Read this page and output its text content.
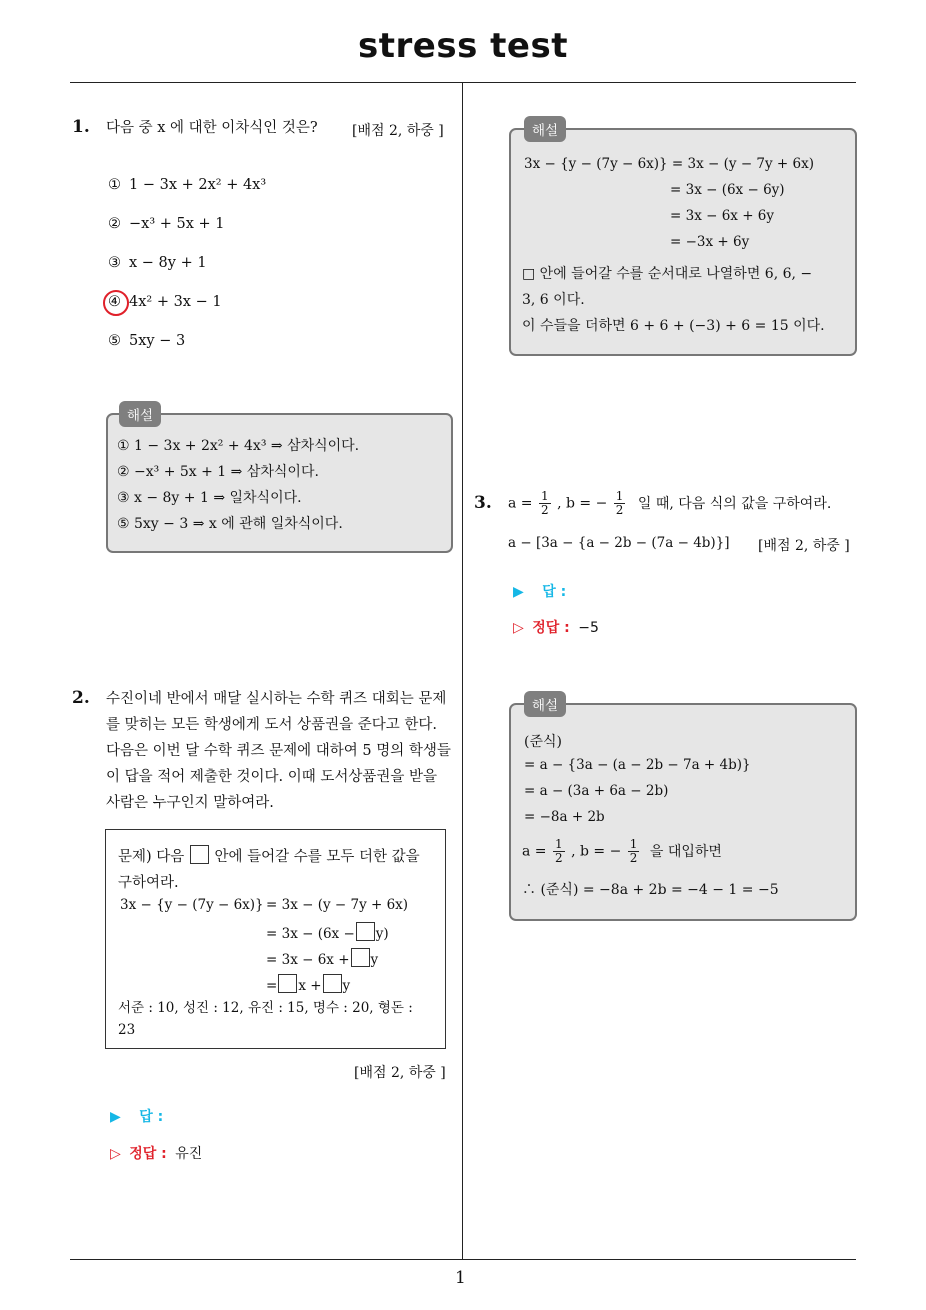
stress test
1
1. 다음 중 x 에 대한 이차식인 것은? [배점 2, 하중 ]
① 1 − 3x + 2x² + 4x³
② −x³ + 5x + 1
③ x − 8y + 1
④ 4x² + 3x − 1
⑤ 5xy − 3
해설
① 1 − 3x + 2x² + 4x³ ⇒ 삼차식이다.
② −x³ + 5x + 1 ⇒ 삼차식이다.
③ x − 8y + 1 ⇒ 일차식이다.
⑤ 5xy − 3 ⇒ x 에 관해 일차식이다.
2. 수진이네 반에서 매달 실시하는 수학 퀴즈 대회는 문제
를 맞히는 모든 학생에게 도서 상품권을 준다고 한다.
다음은 이번 달 수학 퀴즈 문제에 대하여 5 명의 학생들
이 답을 적어 제출한 것이다. 이때 도서상품권을 받을
사람은 누구인지 말하여라.
문제) 다음 안에 들어갈 수를 모두 더한 값을
구하여라.
3x − {y − (7y − 6x)} = 3x − (y − 7y + 6x)
= 3x − (6x − y)
= 3x − 6x + y
= x + y
서준 : 10, 성진 : 12, 유진 : 15, 명수 : 20, 형돈 :
23
[배점 2, 하중 ]
▶ 답 :
▷ 정답 : 유진
해설
3x − {y − (7y − 6x)} = 3x − (y − 7y + 6x)
= 3x − (6x − 6y)
= 3x − 6x + 6y
= −3x + 6y
□ 안에 들어갈 수를 순서대로 나열하면 6, 6, −
3, 6 이다.
이 수들을 더하면 6 + 6 + (−3) + 6 = 15 이다.
3. $a = \frac{1}{2}$ , b = − $\frac{1}{2}$ 일 때, 다음 식의 값을 구하여라.
a − [3a − {a − 2b − (7a − 4b)}] [배점 2, 하중 ]
▶ 답 :
▷ 정답 : −5
해설
(준식)
= a − {3a − (a − 2b − 7a + 4b)}
= a − (3a + 6a − 2b)
= −8a + 2b
$a = \frac{1}{2}$ , b = − $\frac{1}{2}$ 을 대입하면
∴ (준식) = −8a + 2b = −4 − 1 = −5
